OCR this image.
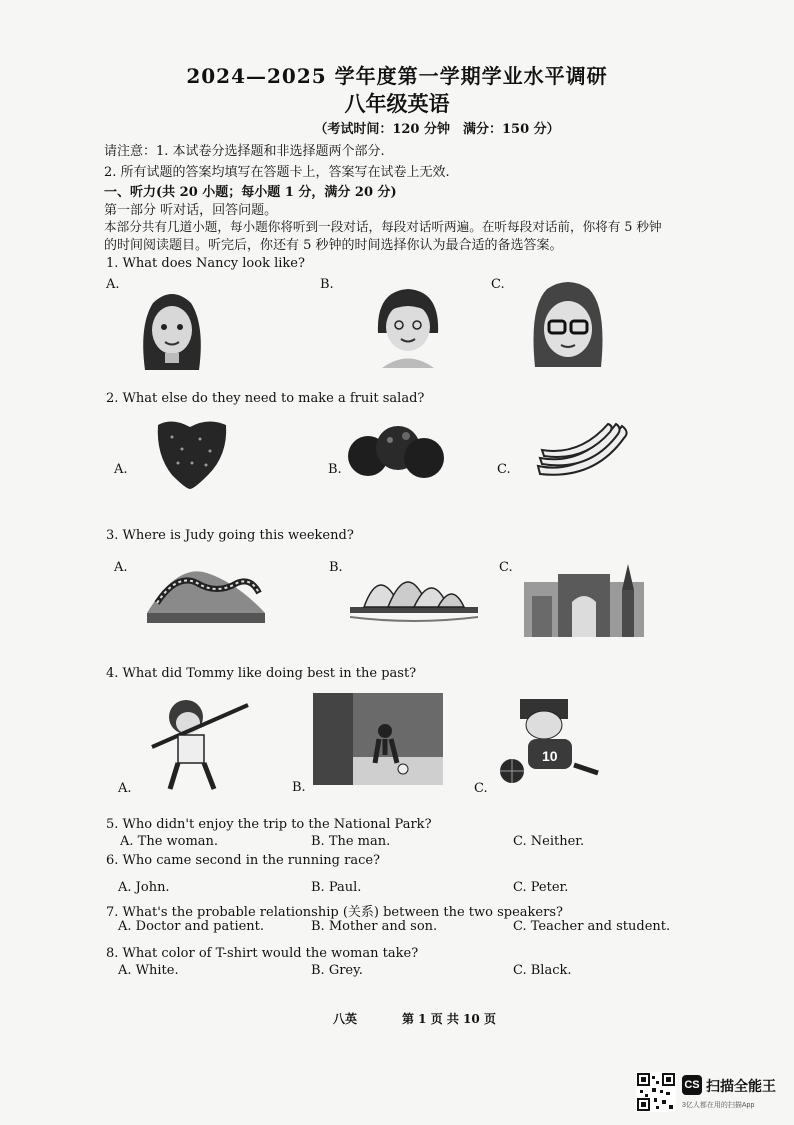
2024—2025 学年度第一学期学业水平调研
八年级英语
（考试时间：120 分钟　满分：150 分）
请注意：1. 本试卷分选择题和非选择题两个部分.
2. 所有试题的答案均填写在答题卡上，答案写在试卷上无效.
一、听力(共 20 小题；每小题 1 分，满分 20 分)
第一部分 听对话，回答问题。
本部分共有几道小题，每小题你将听到一段对话，每段对话听两遍。在听每段对话前，你将有 5 秒钟
的时间阅读题目。听完后，你还有 5 秒钟的时间选择你认为最合适的备选答案。
1. What does Nancy look like?
A.	B.	C.
2. What else do they need to make a fruit salad?
A.	B.	C.
3. Where is Judy going this weekend?
A.	B.	C.
4. What did Tommy like doing best in the past?
A.	B.	C.
10
5. Who didn't enjoy the trip to the National Park?
A. The woman.	B. The man.	C. Neither.
6. Who came second in the running race?
A. John.	B. Paul.	C. Peter.
7. What's the probable relationship (关系) between the two speakers?
A. Doctor and patient.	B. Mother and son.	C. Teacher and student.
8. What color of T-shirt would the woman take?
A. White.	B. Grey.	C. Black.
八英	第 1 页 共 10 页
CS 扫描全能王
3亿人都在用的扫描App
